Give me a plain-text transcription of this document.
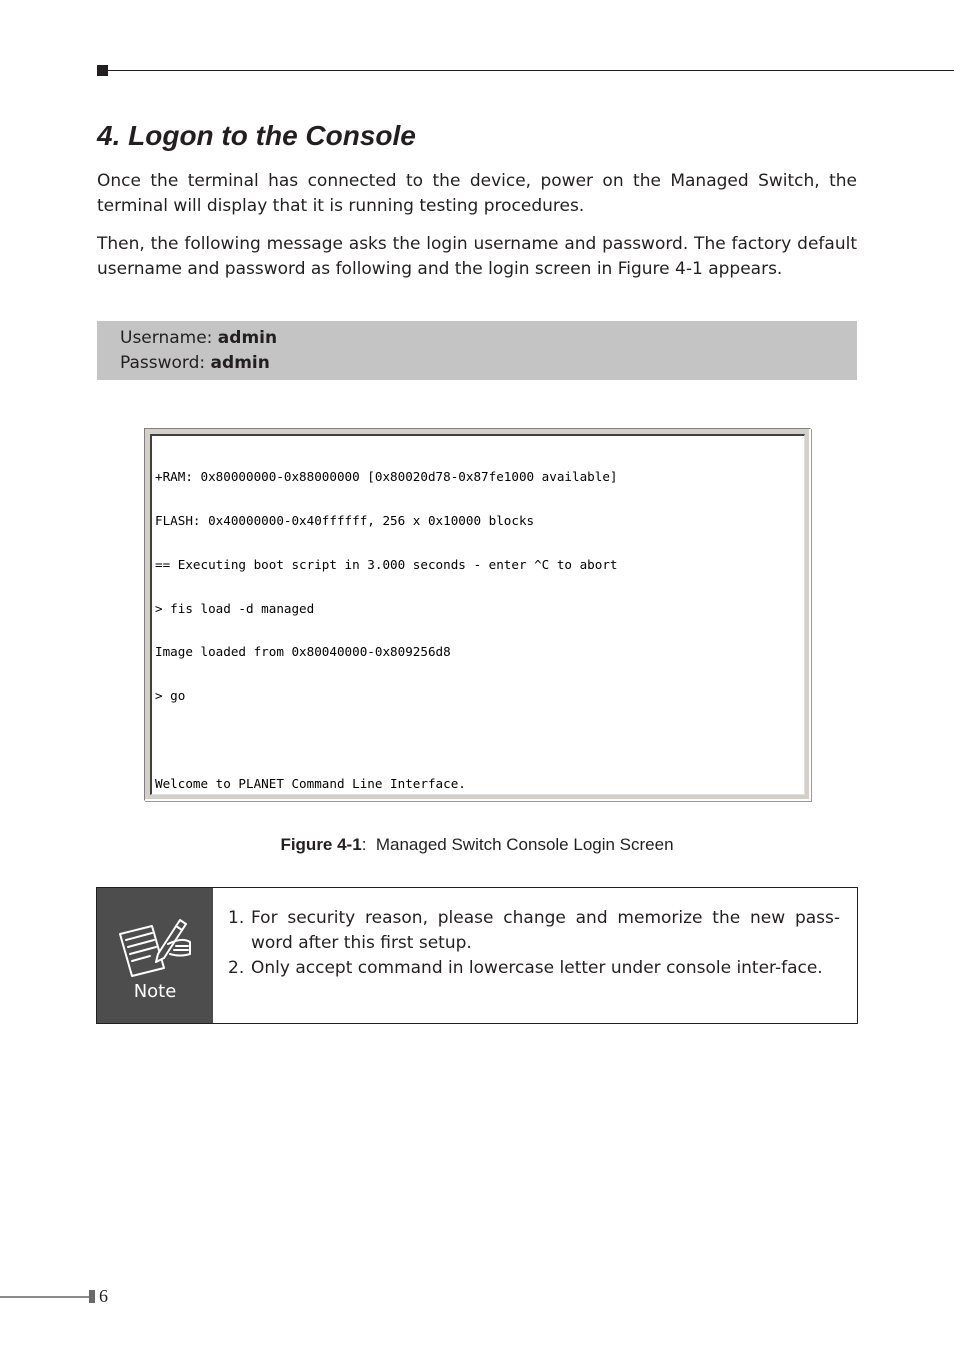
4. Logon to the Console

Once the terminal has connected to the device, power on the Managed Switch, the terminal will display that it is running testing procedures.

Then, the following message asks the login username and password. The factory default username and password as following and the login screen in Figure 4-1 appears.

Username: admin
Password: admin

+RAM: 0x80000000-0x88000000 [0x80020d78-0x87fe1000 available]

FLASH: 0x40000000-0x40ffffff, 256 x 0x10000 blocks

== Executing boot script in 3.000 seconds - enter ^C to abort

> fis load -d managed

Image loaded from 0x80040000-0x809256d8

> go

Welcome to PLANET Command Line Interface.

Figure 4-1:  Managed Switch Console Login Screen
Note
1. For security reason, please change and memorize the new pass-word after this first setup.
2. Only accept command in lowercase letter under console inter-face.
6
